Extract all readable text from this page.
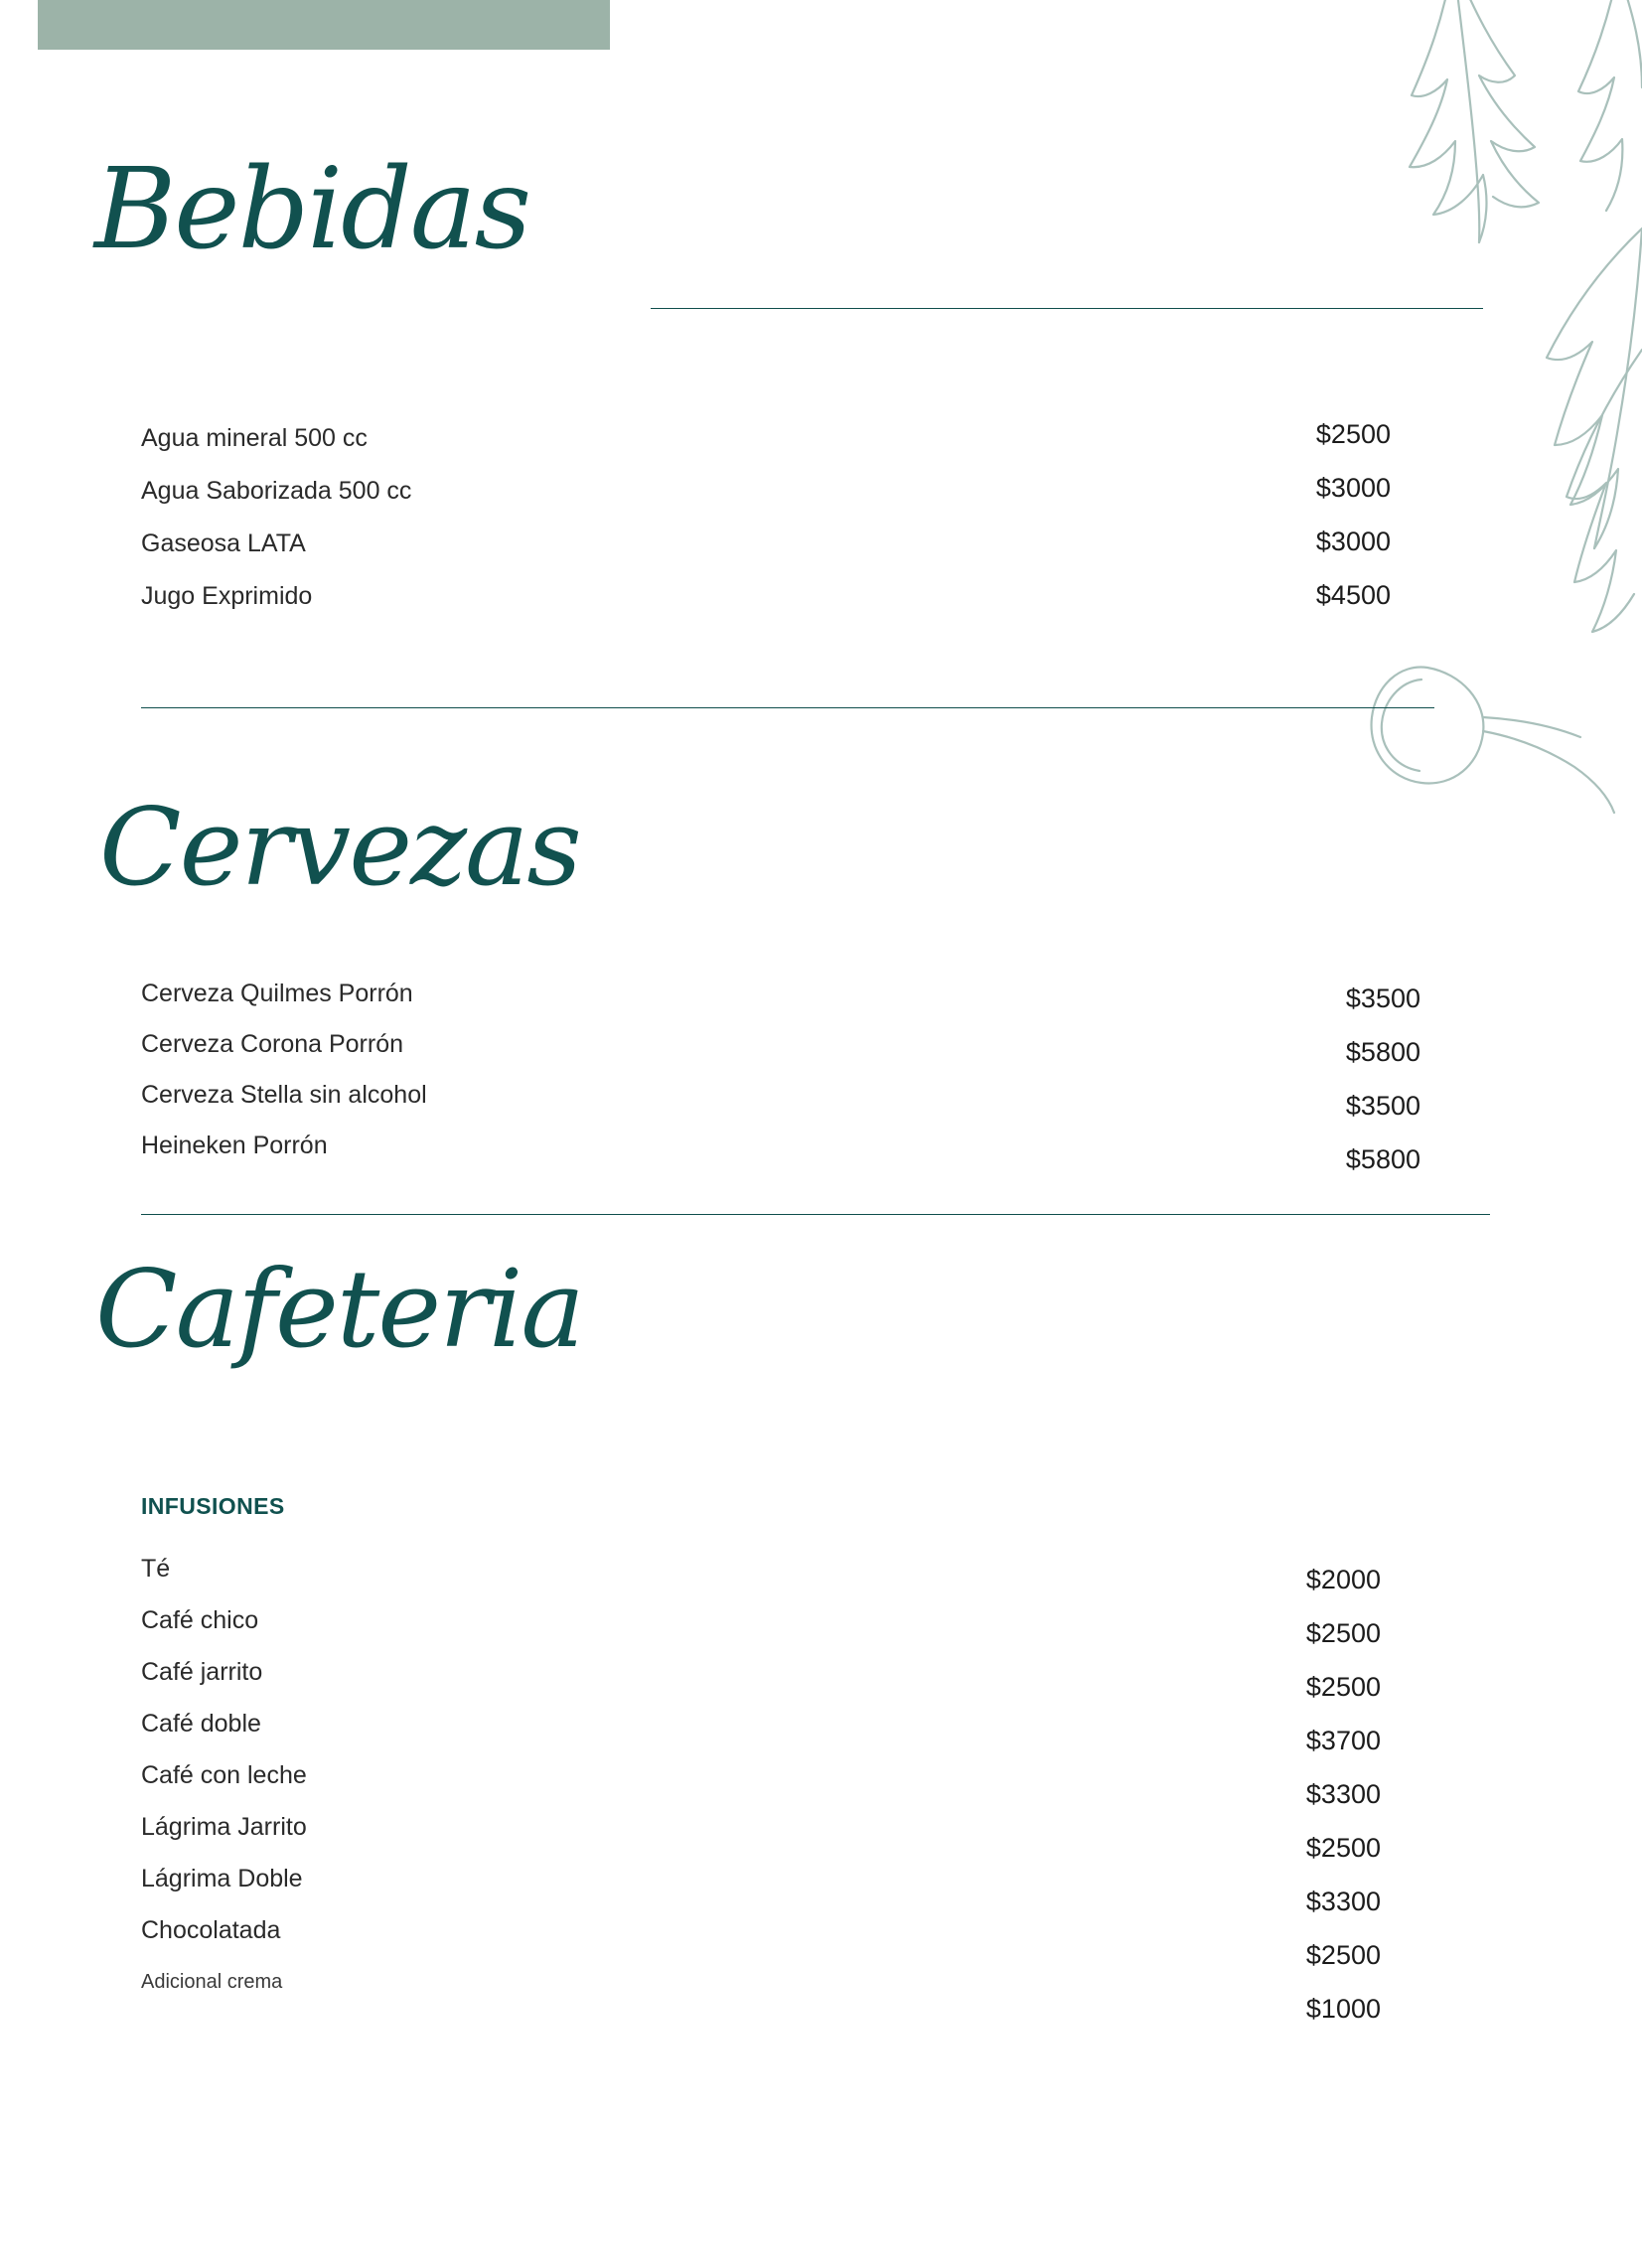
Bebidas
Agua mineral 500 cc
Agua Saborizada 500 cc
Gaseosa LATA
Jugo Exprimido
$2500
$3000
$3000
$4500
Cervezas
Cerveza Quilmes Porrón
Cerveza Corona Porrón
Cerveza Stella sin alcohol
Heineken Porrón
$3500
$5800
$3500
$5800
Cafeteria
INFUSIONES
Té
Café chico
Café jarrito
Café doble
Café con leche
Lágrima Jarrito
Lágrima Doble
Chocolatada
Adicional crema
$2000
$2500
$2500
$3700
$3300
$2500
$3300
$2500
$1000
